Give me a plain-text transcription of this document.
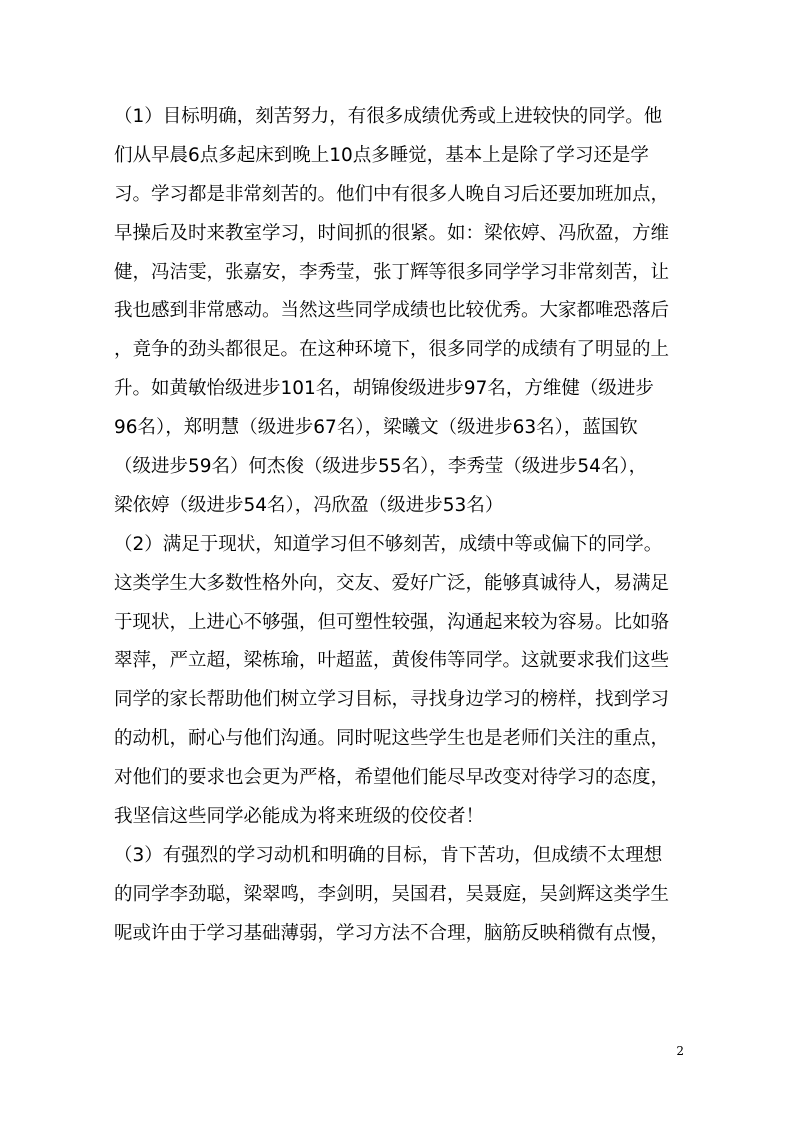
（1）目标明确，刻苦努力，有很多成绩优秀或上进较快的同学。他
们从早晨6点多起床到晚上10点多睡觉，基本上是除了学习还是学
习。学习都是非常刻苦的。他们中有很多人晚自习后还要加班加点，
早操后及时来教室学习，时间抓的很紧。如：梁依婷、冯欣盈，方维
健，冯洁雯，张嘉安，李秀莹，张丁辉等很多同学学习非常刻苦，让
我也感到非常感动。当然这些同学成绩也比较优秀。大家都唯恐落后
，竟争的劲头都很足。在这种环境下，很多同学的成绩有了明显的上
升。如黄敏怡级进步101名，胡锦俊级进步97名，方维健（级进步
96名），郑明慧（级进步67名），梁曦文（级进步63名），蓝国钦
（级进步59名）何杰俊（级进步55名），李秀莹（级进步54名），
梁依婷（级进步54名），冯欣盈（级进步53名）
（2）满足于现状，知道学习但不够刻苦，成绩中等或偏下的同学。
这类学生大多数性格外向，交友、爱好广泛，能够真诚待人，易满足
于现状，上进心不够强，但可塑性较强，沟通起来较为容易。比如骆
翠萍，严立超，梁栋瑜，叶超蓝，黄俊伟等同学。这就要求我们这些
同学的家长帮助他们树立学习目标，寻找身边学习的榜样，找到学习
的动机，耐心与他们沟通。同时呢这些学生也是老师们关注的重点，
对他们的要求也会更为严格，希望他们能尽早改变对待学习的态度，
我坚信这些同学必能成为将来班级的佼佼者！
（3）有强烈的学习动机和明确的目标，肯下苦功，但成绩不太理想
的同学李劲聪，梁翠鸣，李剑明，吴国君，吴聂庭，吴剑辉这类学生
呢或许由于学习基础薄弱，学习方法不合理，脑筋反映稍微有点慢，
2
